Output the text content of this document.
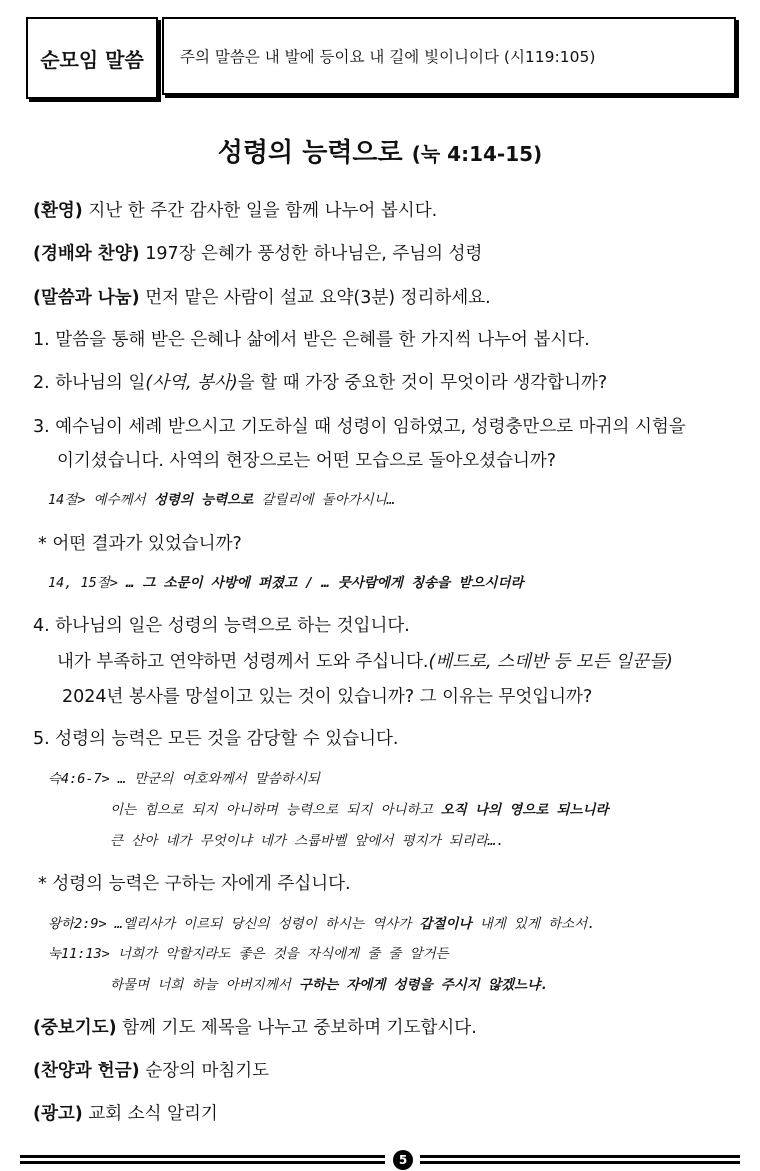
순모임 말씀 주의 말씀은 내 발에 등이요 내 길에 빛이니이다 (시119:105)
성령의 능력으로 (눅 4:14-15)
(환영) 지난 한 주간 감사한 일을 함께 나누어 봅시다.
(경배와 찬양) 197장 은혜가 풍성한 하나님은, 주님의 성령
(말씀과 나눔) 먼저 맡은 사람이 설교 요약(3분) 정리하세요.
1. 말씀을 통해 받은 은혜나 삶에서 받은 은혜를 한 가지씩 나누어 봅시다.
2. 하나님의 일(사역, 봉사)을 할 때 가장 중요한 것이 무엇이라 생각합니까?
3. 예수님이 세례 받으시고 기도하실 때 성령이 임하였고, 성령충만으로 마귀의 시험을
이기셨습니다. 사역의 현장으로는 어떤 모습으로 돌아오셨습니까?
14절> 예수께서 성령의 능력으로 갈릴리에 돌아가시니…
* 어떤 결과가 있었습니까?
14, 15절> … 그 소문이 사방에 퍼졌고 / … 뭇사람에게 칭송을 받으시더라
4. 하나님의 일은 성령의 능력으로 하는 것입니다.
내가 부족하고 연약하면 성령께서 도와 주십니다.(베드로, 스데반 등 모든 일꾼들)
2024년 봉사를 망설이고 있는 것이 있습니까? 그 이유는 무엇입니까?
5. 성령의 능력은 모든 것을 감당할 수 있습니다.
슥4:6-7> … 만군의 여호와께서 말씀하시되
이는 힘으로 되지 아니하며 능력으로 되지 아니하고 오직 나의 영으로 되느니라
큰 산아 네가 무엇이냐 네가 스룹바벨 앞에서 평지가 되리라….
* 성령의 능력은 구하는 자에게 주십니다.
왕하2:9> …엘리사가 이르되 당신의 성령이 하시는 역사가 갑절이나 내게 있게 하소서.
눅11:13> 너희가 악할지라도 좋은 것을 자식에게 줄 줄 알거든
하물며 너희 하늘 아버지께서 구하는 자에게 성령을 주시지 않겠느냐.
(중보기도) 함께 기도 제목을 나누고 중보하며 기도합시다.
(찬양과 헌금) 순장의 마침기도
(광고) 교회 소식 알리기
5
